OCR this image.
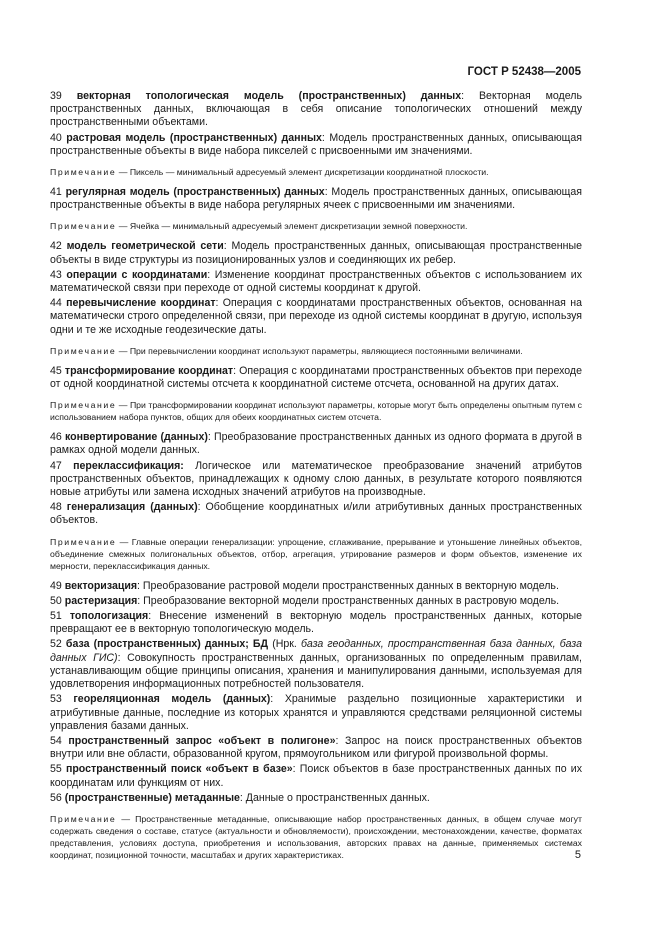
ГОСТ Р 52438—2005

39 векторная топологическая модель (пространственных) данных: Векторная модель пространственных данных, включающая в себя описание топологических отношений между пространственными объектами.

40 растровая модель (пространственных) данных: Модель пространственных данных, описывающая пространственные объекты в виде набора пикселей с присвоенными им значениями.

Примечание — Пиксель — минимальный адресуемый элемент дискретизации координатной плоскости.

41 регулярная модель (пространственных) данных: Модель пространственных данных, описывающая пространственные объекты в виде набора регулярных ячеек с присвоенными им значениями.

Примечание — Ячейка — минимальный адресуемый элемент дискретизации земной поверхности.

42 модель геометрической сети: Модель пространственных данных, описывающая пространственные объекты в виде структуры из позиционированных узлов и соединяющих их ребер.

43 операции с координатами: Изменение координат пространственных объектов с использованием их математической связи при переходе от одной системы координат к другой.

44 перевычисление координат: Операция с координатами пространственных объектов, основанная на математически строго определенной связи, при переходе из одной системы координат в другую, используя одни и те же исходные геодезические даты.

Примечание — При перевычислении координат используют параметры, являющиеся постоянными величинами.

45 трансформирование координат: Операция с координатами пространственных объектов при переходе от одной координатной системы отсчета к координатной системе отсчета, основанной на других датах.

Примечание — При трансформировании координат используют параметры, которые могут быть определены опытным путем с использованием набора пунктов, общих для обеих координатных систем отсчета.

46 конвертирование (данных): Преобразование пространственных данных из одного формата в другой в рамках одной модели данных.

47 переклассификация: Логическое или математическое преобразование значений атрибутов пространственных объектов, принадлежащих к одному слою данных, в результате которого появляются новые атрибуты или замена исходных значений атрибутов на производные.

48 генерализация (данных): Обобщение координатных и/или атрибутивных данных пространственных объектов.

Примечание — Главные операции генерализации: упрощение, сглаживание, прерывание и утоньшение линейных объектов, объединение смежных полигональных объектов, отбор, агрегация, утрирование размеров и форм объектов, изменение их мерности, переклассификация данных.

49 векторизация: Преобразование растровой модели пространственных данных в векторную модель.

50 растеризация: Преобразование векторной модели пространственных данных в растровую модель.

51 топологизация: Внесение изменений в векторную модель пространственных данных, которые превращают ее в векторную топологическую модель.

52 база (пространственных) данных; БД (Нрк. база геоданных, пространственная база данных, база данных ГИС): Совокупность пространственных данных, организованных по определенным правилам, устанавливающим общие принципы описания, хранения и манипулирования данными, используемая для удовлетворения информационных потребностей пользователя.

53 геореляционная модель (данных): Хранимые раздельно позиционные характеристики и атрибутивные данные, последние из которых хранятся и управляются средствами реляционной системы управления базами данных.

54 пространственный запрос «объект в полигоне»: Запрос на поиск пространственных объектов внутри или вне области, образованной кругом, прямоугольником или фигурой произвольной формы.

55 пространственный поиск «объект в базе»: Поиск объектов в базе пространственных данных по их координатам или функциям от них.

56 (пространственные) метаданные: Данные о пространственных данных.

Примечание — Пространственные метаданные, описывающие набор пространственных данных, в общем случае могут содержать сведения о составе, статусе (актуальности и обновляемости), происхождении, местонахождении, качестве, форматах представления, условиях доступа, приобретения и использования, авторских правах на данные, применяемых системах координат, позиционной точности, масштабах и других характеристиках.	5
